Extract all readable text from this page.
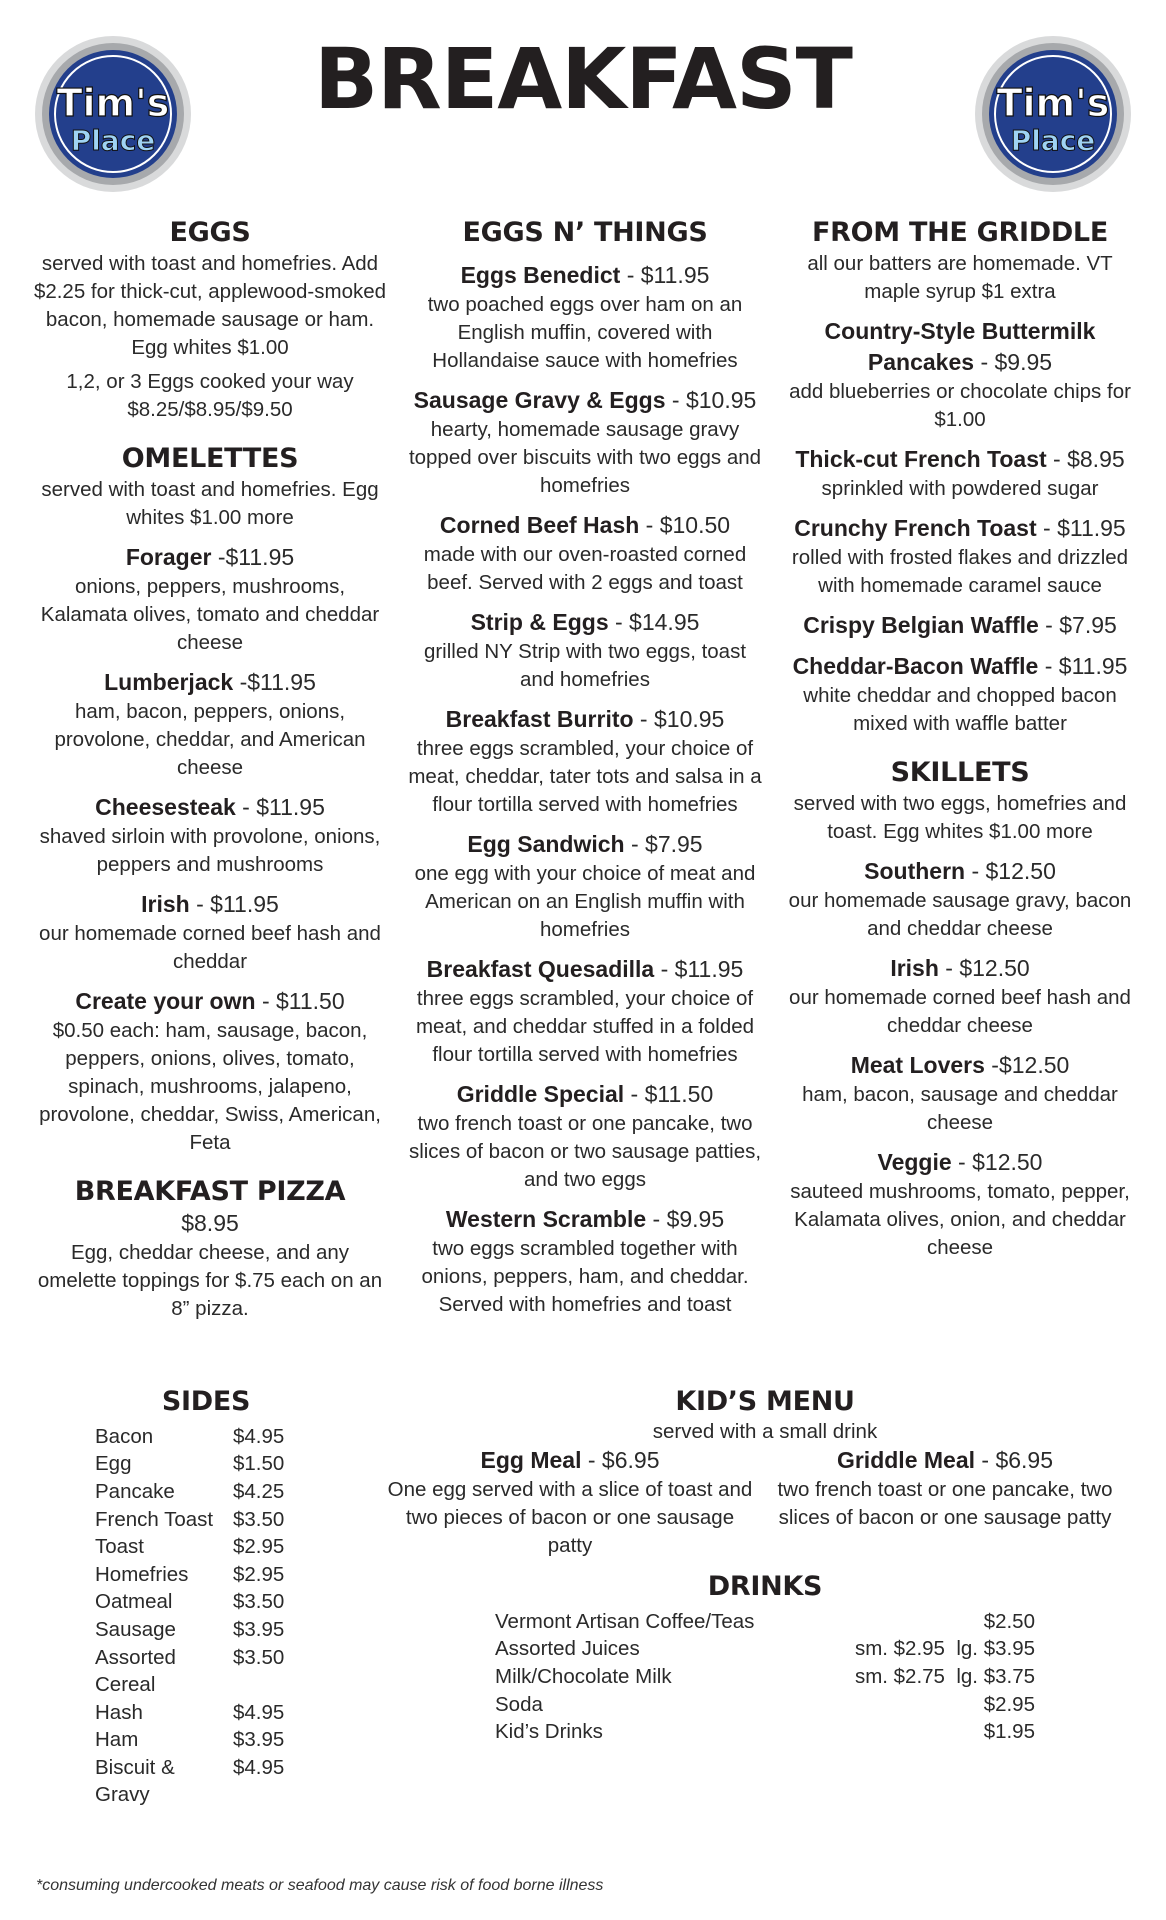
Tim's
Place
Tim's
Place
BREAKFAST
EGGS
served with toast and homefries. Add $2.25 for thick-cut, applewood-smoked bacon, homemade sausage or ham. Egg whites $1.00
1,2, or 3 Eggs cooked your way
$8.25/$8.95/$9.50
OMELETTES
served with toast and homefries. Egg whites $1.00 more
Forager -$11.95
onions, peppers, mushrooms, Kalamata olives, tomato and cheddar cheese
Lumberjack -$11.95
ham, bacon, peppers, onions, provolone, cheddar, and American cheese
Cheesesteak - $11.95
shaved sirloin with provolone, onions, peppers and mushrooms
Irish - $11.95
our homemade corned beef hash and cheddar
Create your own - $11.50
$0.50 each: ham, sausage, bacon, peppers, onions, olives, tomato, spinach, mushrooms, jalapeno, provolone, cheddar, Swiss, American, Feta
BREAKFAST PIZZA
$8.95
Egg, cheddar cheese, and any omelette toppings for $.75 each on an 8” pizza.
EGGS N’ THINGS
Eggs Benedict - $11.95
two poached eggs over ham on an English muffin, covered with Hollandaise sauce with homefries
Sausage Gravy & Eggs - $10.95
hearty, homemade sausage gravy topped over biscuits with two eggs and homefries
Corned Beef Hash - $10.50
made with our oven-roasted corned beef. Served with 2 eggs and toast
Strip & Eggs - $14.95
grilled NY Strip with two eggs, toast and homefries
Breakfast Burrito - $10.95
three eggs scrambled, your choice of meat, cheddar, tater tots and salsa in a flour tortilla served with homefries
Egg Sandwich - $7.95
one egg with your choice of meat and American on an English muffin with homefries
Breakfast Quesadilla - $11.95
three eggs scrambled, your choice of meat, and cheddar stuffed in a folded flour tortilla served with homefries
Griddle Special - $11.50
two french toast or one pancake, two slices of bacon or two sausage patties, and two eggs
Western Scramble - $9.95
two eggs scrambled together with onions, peppers, ham, and cheddar. Served with homefries and toast
FROM THE GRIDDLE
all our batters are homemade. VT maple syrup $1 extra
Country-Style Buttermilk Pancakes - $9.95
add blueberries or chocolate chips for $1.00
Thick-cut French Toast - $8.95
sprinkled with powdered sugar
Crunchy French Toast - $11.95
rolled with frosted flakes and drizzled with homemade caramel sauce
Crispy Belgian Waffle - $7.95
Cheddar-Bacon Waffle - $11.95
white cheddar and chopped bacon mixed with waffle batter
SKILLETS
served with two eggs, homefries and toast. Egg whites $1.00 more
Southern - $12.50
our homemade sausage gravy, bacon and cheddar cheese
Irish - $12.50
our homemade corned beef hash and cheddar cheese
Meat Lovers -$12.50
ham, bacon, sausage and cheddar cheese
Veggie - $12.50
sauteed mushrooms, tomato, pepper, Kalamata olives, onion, and cheddar cheese
SIDES
Bacon	$4.95
Egg	$1.50
Pancake	$4.25
French Toast $3.50
Toast	$2.95
Homefries	$2.95
Oatmeal	$3.50
Sausage	$3.95
Assorted Cereal
$3.50
Hash	$4.95
Ham	$3.95
Biscuit & Gravy
$4.95
KID’S MENU
served with a small drink
Egg Meal - $6.95
One egg served with a slice of toast and two pieces of bacon or one sausage patty
Griddle Meal - $6.95
two french toast or one pancake, two slices of bacon or one sausage patty
DRINKS
Vermont Artisan Coffee/Teas	$2.50
Assorted Juices	sm. $2.95  lg. $3.95
Milk/Chocolate Milk	sm. $2.75  lg. $3.75
Soda	$2.95
Kid’s Drinks	$1.95
*consuming undercooked meats or seafood may cause risk of food borne illness
